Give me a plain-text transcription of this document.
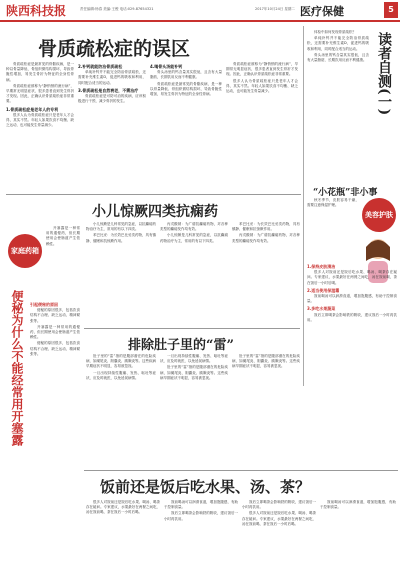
陕西科技报	责任编辑:杨春 美编:王俊 电话:029-87654321	2017年10月24日 星期二 医疗保健	5
骨质疏松症的误区

骨质疏松症是最常见的骨骼疾病，是一种以骨量降低、骨组织微结构损坏，导致骨脆性增加，易发生骨折为特征的全身性骨病。

骨质疏松症被称为“静悄悄的流行病”，早期常无明显症状，很多患者直到发生骨折才发现。因此，正确认识骨质疏松症非常重要。

1.骨质疏松症是老年人的专利

很多人认为骨质疏松症只是老年人才会得，其实不然。年轻人如果饮食不均衡、缺乏运动，也可能发生骨量减少。

2.补钙就能防治骨质疏松

单纯补钙并不能完全防治骨质疏松，还需要补充维生素D，促进钙的吸收和利用，同时配合适当的运动。

3.骨质疏松是自然衰老，不需治疗

骨质疏松症是可防可治的疾病，应该积极进行干预，减少骨折的发生。

4.喝骨头汤能补钙

骨头汤里的钙含量其实很低，且含有大量脂肪，长期饮用反而不利健康。

骨质疏松症是最常见的骨骼疾病，是一种以骨量降低、骨组织微结构损坏，导致骨脆性增加，易发生骨折为特征的全身性骨病。

骨质疏松症被称为“静悄悄的流行病”，早期常无明显症状，很多患者直到发生骨折才发现。因此，正确认识骨质疏松症非常重要。

很多人认为骨质疏松症只是老年人才会得，其实不然。年轻人如果饮食不均衡、缺乏运动，也可能发生骨量减少。

体检中如何发现骨质疏松？

单纯补钙并不能完全防治骨质疏松，还需要补充维生素D，促进钙的吸收和利用，同时配合适当的运动。

骨头汤里的钙含量其实很低，且含有大量脂肪，长期饮用反而不利健康。 读者自测(一)
“小花瓶”非小事
美容护肤

秋冬季节，皮肤容易干燥，需要注意保湿护理。

1.保持皮肤清洁

很多人对饭前还是饭后吃水果、喝汤、喝茶存在疑问。专家建议，水果最好在两餐之间吃，汤在饭前喝，茶在饭后一小时后喝。

2.适当使用保湿霜

饭前喝汤可以润滑食道，增加饱腹感，有助于控制食量。

3.多吃水果蔬菜

饭后立即喝茶会影响铁的吸收，建议饭后一小时再饮用。

小儿惊厥四类抗痫药
家庭药箱

开塞露是一种常用的通便药，但长期使用会使肠道产生依赖性。

小儿惊厥是儿科常见的急症，以抗癫痫药物治疗为主，常用的有以下四类。

苯巴比妥：为长效巴比妥类药物，具有镇静、催眠和抗惊厥作用。

丙戊酸钠：为广谱抗癫痫药物，对各种类型的癫痫发作均有效。

小儿惊厥是儿科常见的急症，以抗癫痫药物治疗为主，常用的有以下四类。

苯巴比妥：为长效巴比妥类药物，具有镇静、催眠和抗惊厥作用。

丙戊酸钠：为广谱抗癫痫药物，对各种类型的癫痫发作均有效。

便秘为什么不能经常用开塞露 引起便秘的原因

便秘的原因很多，包括饮食结构不合理、缺乏运动、精神紧张等。

开塞露是一种常用的通便药，但长期使用会使肠道产生依赖性。

便秘的原因很多，包括饮食结构不合理、缺乏运动、精神紧张等。

排除肚子里的“雷”

肚子里的“雷”指的是腹部潜在的危险疾病，如阑尾炎、胆囊炎、胰腺炎等。这些疾病早期症状不明显，容易被忽视。

一旦出现持续性腹痛、发热、呕吐等症状，应及时就医，以免延误病情。

一旦出现持续性腹痛、发热、呕吐等症状，应及时就医，以免延误病情。

肚子里的“雷”指的是腹部潜在的危险疾病，如阑尾炎、胆囊炎、胰腺炎等。这些疾病早期症状不明显，容易被忽视。

肚子里的“雷”指的是腹部潜在的危险疾病，如阑尾炎、胆囊炎、胰腺炎等。这些疾病早期症状不明显，容易被忽视。

饭前还是饭后吃水果、汤、茶？

很多人对饭前还是饭后吃水果、喝汤、喝茶存在疑问。专家建议，水果最好在两餐之间吃，汤在饭前喝，茶在饭后一小时后喝。

饭前喝汤可以润滑食道，增加饱腹感，有助于控制食量。

饭后立即喝茶会影响铁的吸收，建议饭后一小时再饮用。

饭后立即喝茶会影响铁的吸收，建议饭后一小时再饮用。

很多人对饭前还是饭后吃水果、喝汤、喝茶存在疑问。专家建议，水果最好在两餐之间吃，汤在饭前喝，茶在饭后一小时后喝。

饭前喝汤可以润滑食道，增加饱腹感，有助于控制食量。
